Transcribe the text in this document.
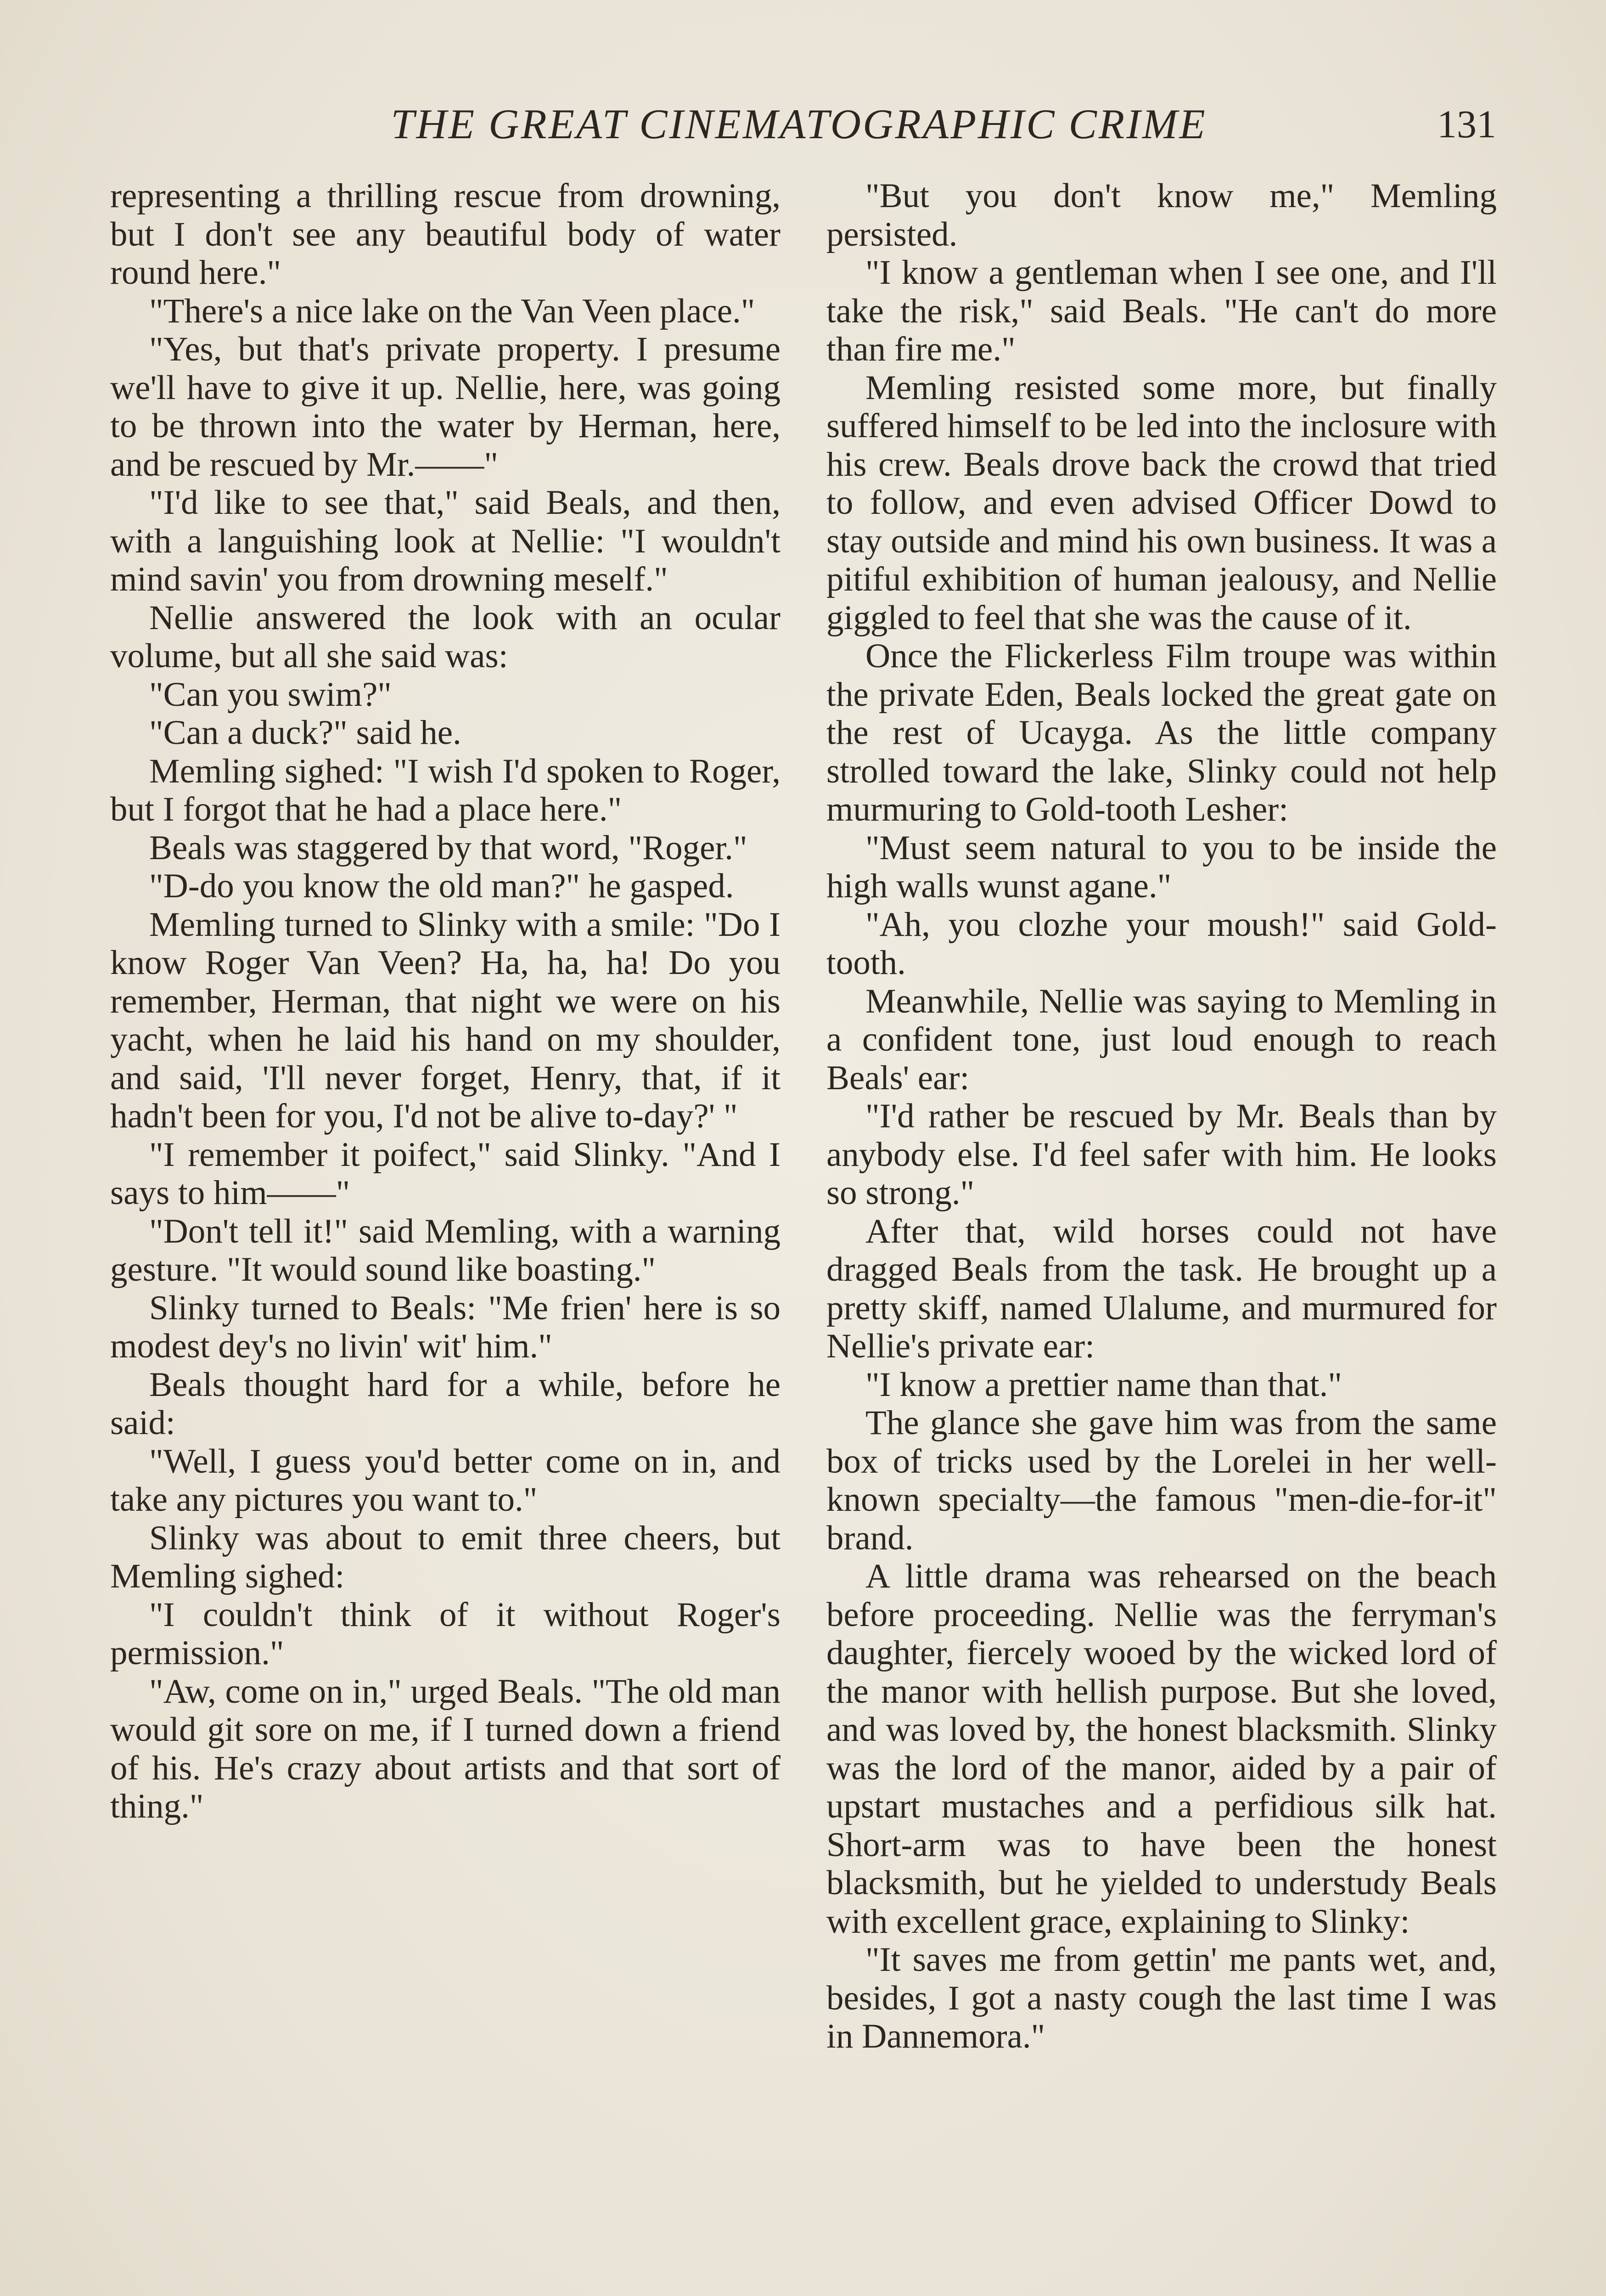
THE GREAT CINEMATOGRAPHIC CRIME	131

representing a thrilling rescue from drowning, but I don't see any beautiful body of water round here."

"There's a nice lake on the Van Veen place."

"Yes, but that's private property. I presume we'll have to give it up. Nellie, here, was going to be thrown into the water by Herman, here, and be rescued by Mr.——"

"I'd like to see that," said Beals, and then, with a languishing look at Nellie: "I wouldn't mind savin' you from drowning meself."

Nellie answered the look with an ocular volume, but all she said was:

"Can you swim?"

"Can a duck?" said he.

Memling sighed: "I wish I'd spoken to Roger, but I forgot that he had a place here."

Beals was staggered by that word, "Roger."

"D-do you know the old man?" he gasped.

Memling turned to Slinky with a smile: "Do I know Roger Van Veen? Ha, ha, ha! Do you remember, Herman, that night we were on his yacht, when he laid his hand on my shoulder, and said, 'I'll never forget, Henry, that, if it hadn't been for you, I'd not be alive to-day?' "

"I remember it poifect," said Slinky. "And I says to him——"

"Don't tell it!" said Memling, with a warning gesture. "It would sound like boasting."

Slinky turned to Beals: "Me frien' here is so modest dey's no livin' wit' him."

Beals thought hard for a while, before he said:

"Well, I guess you'd better come on in, and take any pictures you want to."

Slinky was about to emit three cheers, but Memling sighed:

"I couldn't think of it without Roger's permission."

"Aw, come on in," urged Beals. "The old man would git sore on me, if I turned down a friend of his. He's crazy about artists and that sort of thing."

"But you don't know me," Memling persisted.

"I know a gentleman when I see one, and I'll take the risk," said Beals. "He can't do more than fire me."

Memling resisted some more, but finally suffered himself to be led into the inclosure with his crew. Beals drove back the crowd that tried to follow, and even advised Officer Dowd to stay outside and mind his own business. It was a pitiful exhibition of human jealousy, and Nellie giggled to feel that she was the cause of it.

Once the Flickerless Film troupe was within the private Eden, Beals locked the great gate on the rest of Ucayga. As the little company strolled toward the lake, Slinky could not help murmuring to Gold-tooth Lesher:

"Must seem natural to you to be inside the high walls wunst agane."

"Ah, you clozhe your moush!" said Gold-tooth.

Meanwhile, Nellie was saying to Memling in a confident tone, just loud enough to reach Beals' ear:

"I'd rather be rescued by Mr. Beals than by anybody else. I'd feel safer with him. He looks so strong."

After that, wild horses could not have dragged Beals from the task. He brought up a pretty skiff, named Ulalume, and murmured for Nellie's private ear:

"I know a prettier name than that."

The glance she gave him was from the same box of tricks used by the Lorelei in her well-known specialty—the famous "men-die-for-it" brand.

A little drama was rehearsed on the beach before proceeding. Nellie was the ferryman's daughter, fiercely wooed by the wicked lord of the manor with hellish purpose. But she loved, and was loved by, the honest blacksmith. Slinky was the lord of the manor, aided by a pair of upstart mustaches and a perfidious silk hat. Short-arm was to have been the honest blacksmith, but he yielded to understudy Beals with excellent grace, explaining to Slinky:

"It saves me from gettin' me pants wet, and, besides, I got a nasty cough the last time I was in Dannemora."
